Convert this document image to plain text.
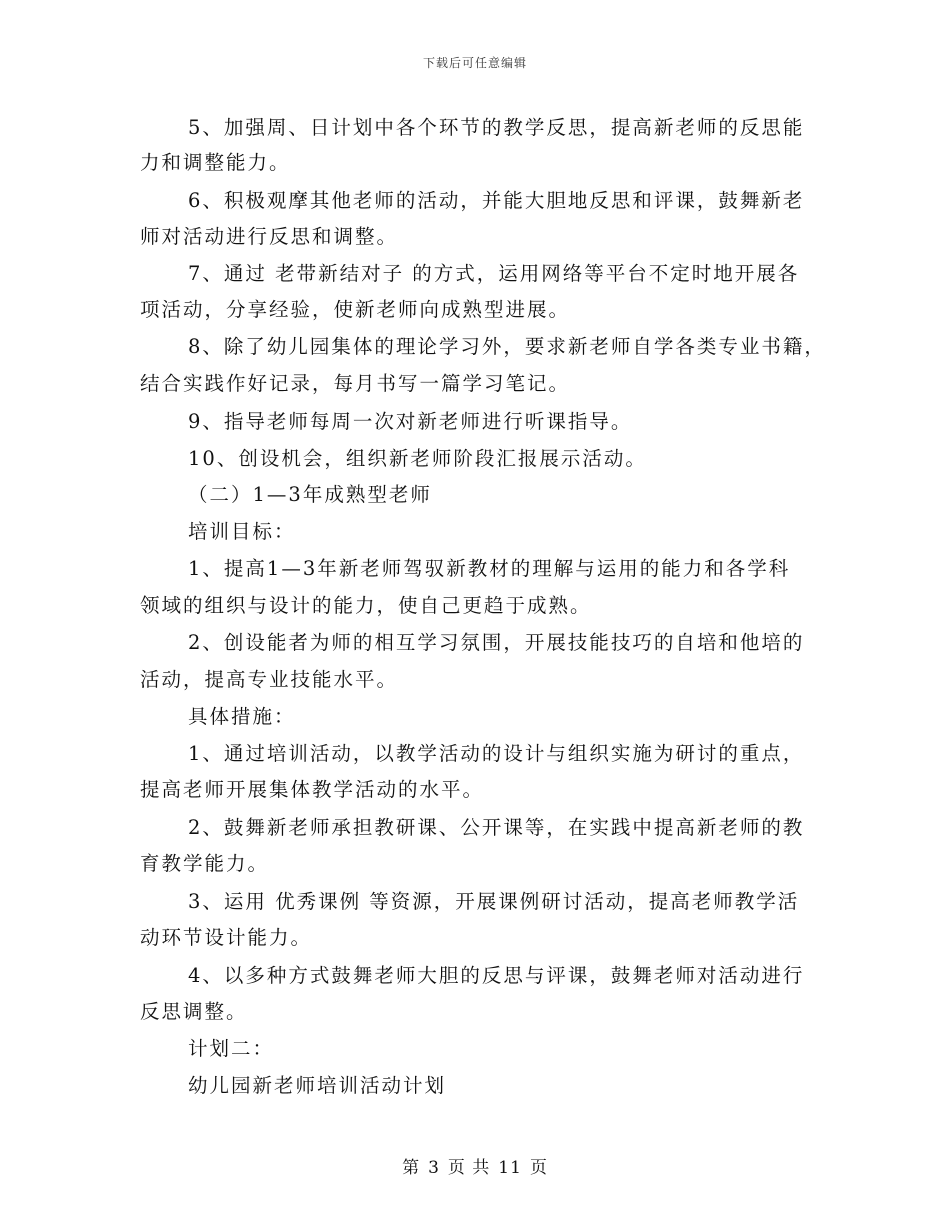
下载后可任意编辑
5、加强周、日计划中各个环节的教学反思，提高新老师的反思能
力和调整能力。
6、积极观摩其他老师的活动，并能大胆地反思和评课，鼓舞新老
师对活动进行反思和调整。
7、通过 老带新结对子 的方式，运用网络等平台不定时地开展各
项活动，分享经验，使新老师向成熟型进展。
8、除了幼儿园集体的理论学习外，要求新老师自学各类专业书籍，
结合实践作好记录，每月书写一篇学习笔记。
9、指导老师每周一次对新老师进行听课指导。
10、创设机会，组织新老师阶段汇报展示活动。
（二）1—3年成熟型老师
培训目标：
1、提高1—3年新老师驾驭新教材的理解与运用的能力和各学科
领域的组织与设计的能力，使自己更趋于成熟。
2、创设能者为师的相互学习氛围，开展技能技巧的自培和他培的
活动，提高专业技能水平。
具体措施：
1、通过培训活动，以教学活动的设计与组织实施为研讨的重点，
提高老师开展集体教学活动的水平。
2、鼓舞新老师承担教研课、公开课等，在实践中提高新老师的教
育教学能力。
3、运用 优秀课例 等资源，开展课例研讨活动，提高老师教学活
动环节设计能力。
4、以多种方式鼓舞老师大胆的反思与评课，鼓舞老师对活动进行
反思调整。
计划二：
幼儿园新老师培训活动计划
第 3 页 共 11 页
